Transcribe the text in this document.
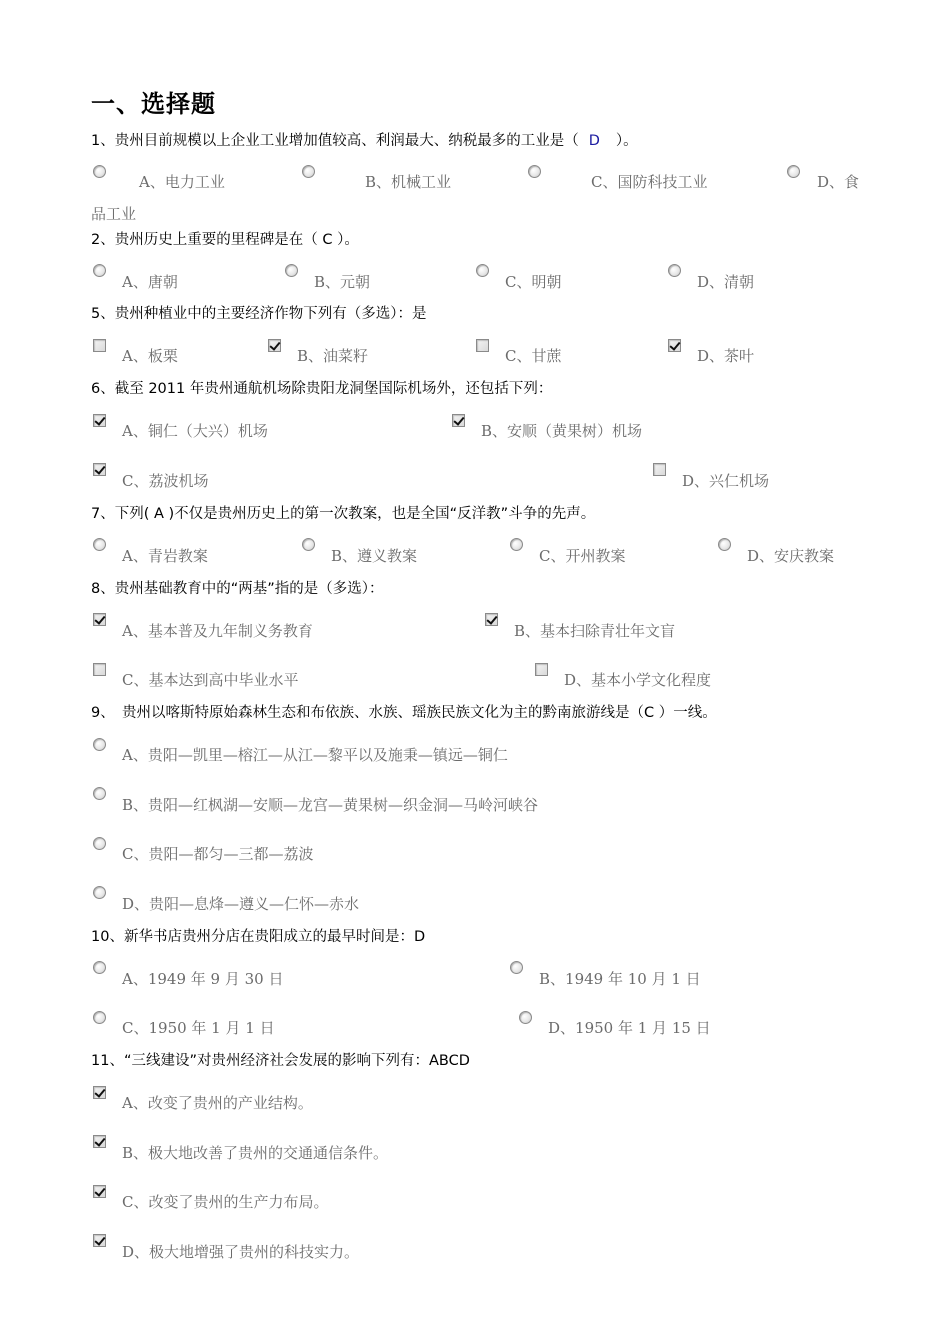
一、选择题
1、贵州目前规模以上企业工业增加值较高、利润最大、纳税最多的工业是（ D ）。
A、电力工业	B、机械工业	C、国防科技工业	D、食
品工业
2、贵州历史上重要的里程碑是在（ C ）。
A、唐朝	B、元朝	C、明朝	D、清朝
5、贵州种植业中的主要经济作物下列有（多选）：是
A、板栗	B、油菜籽	C、甘蔗	D、茶叶
6、截至 2011 年贵州通航机场除贵阳龙洞堡国际机场外，还包括下列：
A、铜仁（大兴）机场	B、安顺（黄果树）机场
C、荔波机场	D、兴仁机场
7、下列( A )不仅是贵州历史上的第一次教案，也是全国“反洋教”斗争的先声。
A、青岩教案	B、遵义教案	C、开州教案	D、安庆教案
8、贵州基础教育中的“两基”指的是（多选）：
A、基本普及九年制义务教育	B、基本扫除青壮年文盲
C、基本达到高中毕业水平	D、基本小学文化程度
9、　贵州以喀斯特原始森林生态和布依族、水族、瑶族民族文化为主的黔南旅游线是（C ）一线。
A、贵阳—凯里—榕江—从江—黎平以及施秉—镇远—铜仁
B、贵阳—红枫湖—安顺—龙宫—黄果树—织金洞—马岭河峡谷
C、贵阳—都匀—三都—荔波
D、贵阳—息烽—遵义—仁怀—赤水
10、新华书店贵州分店在贵阳成立的最早时间是：D
A、1949 年 9 月 30 日	B、1949 年 10 月 1 日
C、1950 年 1 月 1 日	D、1950 年 1 月 15 日
11、“三线建设”对贵州经济社会发展的影响下列有：ABCD
A、改变了贵州的产业结构。
B、极大地改善了贵州的交通通信条件。
C、改变了贵州的生产力布局。
D、极大地增强了贵州的科技实力。
